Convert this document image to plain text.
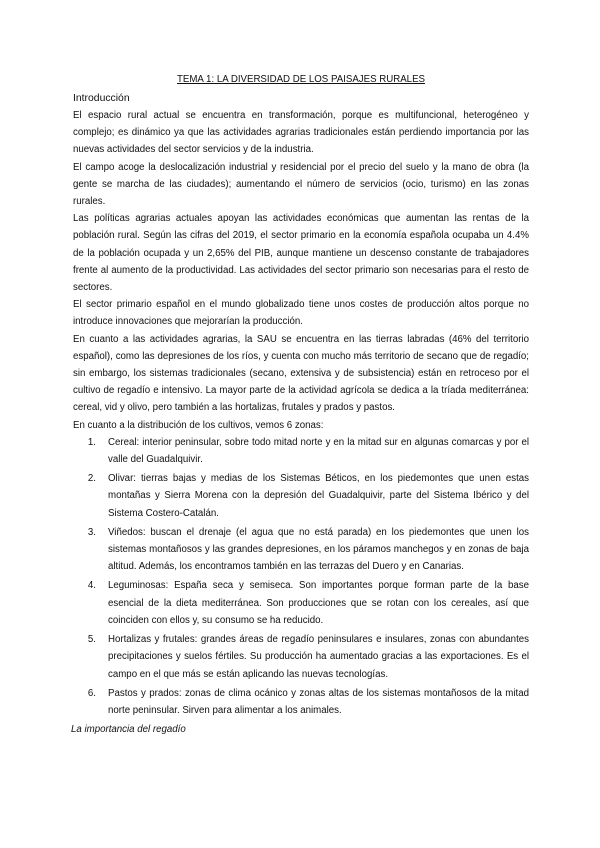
TEMA 1: LA DIVERSIDAD DE LOS PAISAJES RURALES

Introducción

El espacio rural actual se encuentra en transformación, porque es multifuncional, heterogéneo y complejo; es dinámico ya que las actividades agrarias tradicionales están perdiendo importancia por las nuevas actividades del sector servicios y de la industria.

El campo acoge la deslocalización industrial y residencial por el precio del suelo y la mano de obra (la gente se marcha de las ciudades); aumentando el número de servicios (ocio, turismo) en las zonas rurales.

Las políticas agrarias actuales apoyan las actividades económicas que aumentan las rentas de la población rural. Según las cifras del 2019, el sector primario en la economía española ocupaba un 4.4% de la población ocupada y un 2,65% del PIB, aunque mantiene un descenso constante de trabajadores frente al aumento de la productividad. Las actividades del sector primario son necesarias para el resto de sectores.

El sector primario español en el mundo globalizado tiene unos costes de producción altos porque no introduce innovaciones que mejorarían la producción.

En cuanto a las actividades agrarias, la SAU se encuentra en las tierras labradas (46% del territorio español), como las depresiones de los ríos, y cuenta con mucho más territorio de secano que de regadío; sin embargo, los sistemas tradicionales (secano, extensiva y de subsistencia) están en retroceso por el cultivo de regadío e intensivo. La mayor parte de la actividad agrícola se dedica a la tríada mediterránea: cereal, vid y olivo, pero también a las hortalizas, frutales y prados y pastos.

En cuanto a la distribución de los cultivos, vemos 6 zonas:

1.	Cereal: interior peninsular, sobre todo mitad norte y en la mitad sur en algunas comarcas y por el valle del Guadalquivir.
2.	Olivar: tierras bajas y medias de los Sistemas Béticos, en los piedemontes que unen estas montañas y Sierra Morena con la depresión del Guadalquivir, parte del Sistema Ibérico y del Sistema Costero-Catalán.
3.	Viñedos: buscan el drenaje (el agua que no está parada) en los piedemontes que unen los sistemas montañosos y las grandes depresiones, en los páramos manchegos y en zonas de baja altitud. Además, los encontramos también en las terrazas del Duero y en Canarias.
4.	Leguminosas: España seca y semiseca. Son importantes porque forman parte de la base esencial de la dieta mediterránea. Son producciones que se rotan con los cereales, así que coinciden con ellos y, su consumo se ha reducido.
5.	Hortalizas y frutales: grandes áreas de regadío peninsulares e insulares, zonas con abundantes precipitaciones y suelos fértiles. Su producción ha aumentado gracias a las exportaciones. Es el campo en el que más se están aplicando las nuevas tecnologías.
6.	Pastos y prados: zonas de clima ocánico y zonas altas de los sistemas montañosos de la mitad norte peninsular. Sirven para alimentar a los animales.

La importancia del regadío
